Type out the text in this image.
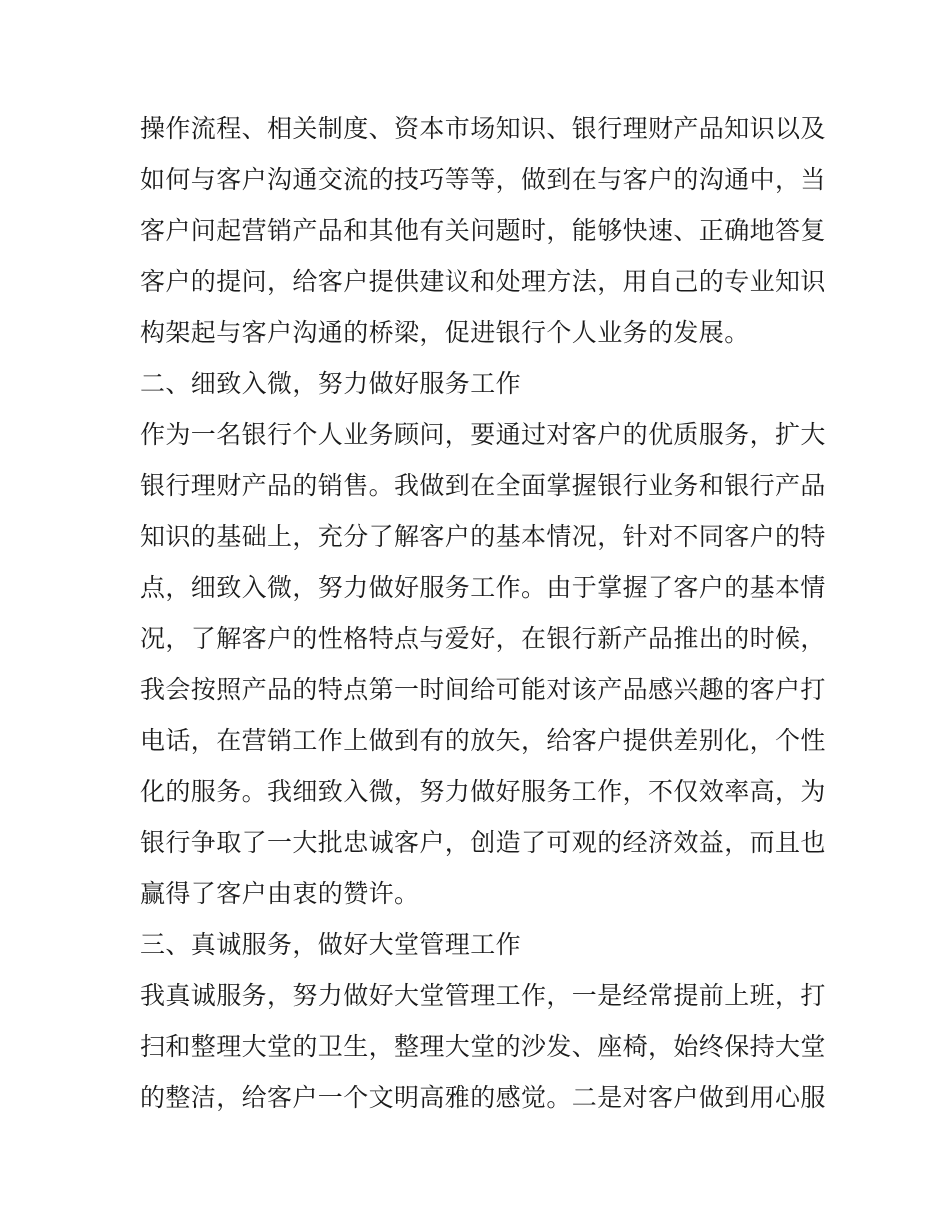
操作流程、相关制度、资本市场知识、银行理财产品知识以及
如何与客户沟通交流的技巧等等，做到在与客户的沟通中，当
客户问起营销产品和其他有关问题时，能够快速、正确地答复
客户的提问，给客户提供建议和处理方法，用自己的专业知识
构架起与客户沟通的桥梁，促进银行个人业务的发展。
二、细致入微，努力做好服务工作
作为一名银行个人业务顾问，要通过对客户的优质服务，扩大
银行理财产品的销售。我做到在全面掌握银行业务和银行产品
知识的基础上，充分了解客户的基本情况，针对不同客户的特
点，细致入微，努力做好服务工作。由于掌握了客户的基本情
况，了解客户的性格特点与爱好，在银行新产品推出的时候，
我会按照产品的特点第一时间给可能对该产品感兴趣的客户打
电话，在营销工作上做到有的放矢，给客户提供差别化，个性
化的服务。我细致入微，努力做好服务工作，不仅效率高，为
银行争取了一大批忠诚客户，创造了可观的经济效益，而且也
赢得了客户由衷的赞许。
三、真诚服务，做好大堂管理工作
我真诚服务，努力做好大堂管理工作，一是经常提前上班，打
扫和整理大堂的卫生，整理大堂的沙发、座椅，始终保持大堂
的整洁，给客户一个文明高雅的感觉。二是对客户做到用心服
